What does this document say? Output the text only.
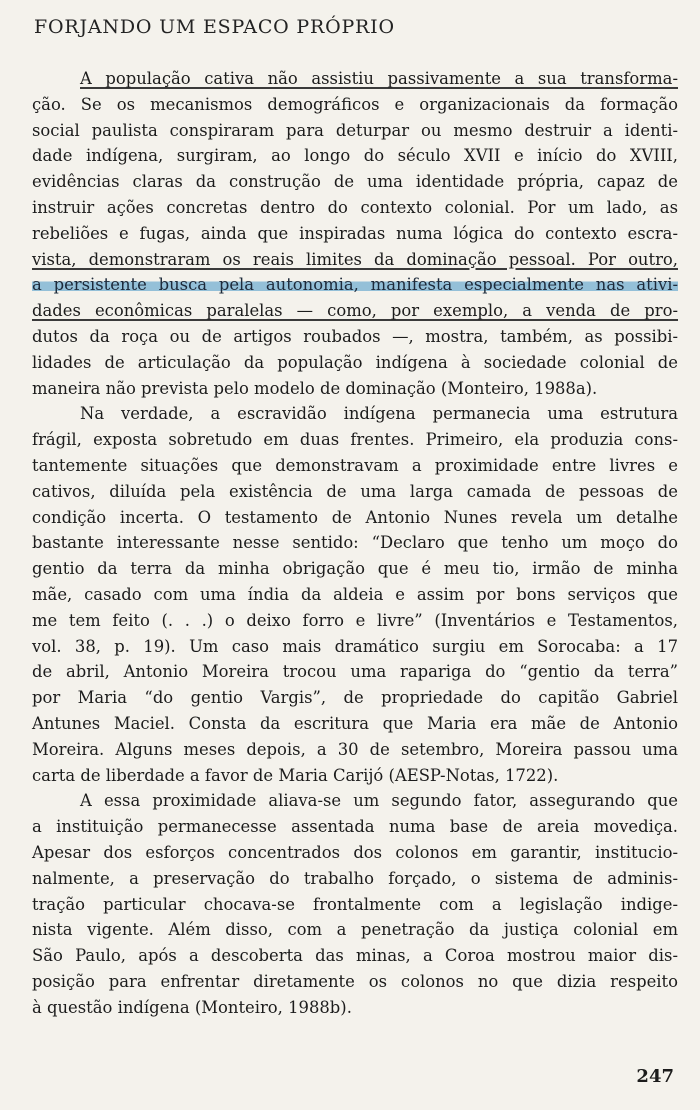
FORJANDO UM ESPACO PRÓPRIO
A população cativa não assistiu passivamente a sua transforma-
ção. Se os mecanismos demográficos e organizacionais da formação
social paulista conspiraram para deturpar ou mesmo destruir a identi-
dade indígena, surgiram, ao longo do século XVII e início do XVIII,
evidências claras da construção de uma identidade própria, capaz de
instruir ações concretas dentro do contexto colonial. Por um lado, as
rebeliões e fugas, ainda que inspiradas numa lógica do contexto escra-
vista, demonstraram os reais limites da dominação pessoal. Por outro,
a persistente busca pela autonomia, manifesta especialmente nas ativi-
dades econômicas paralelas — como, por exemplo, a venda de pro-
dutos da roça ou de artigos roubados —, mostra, também, as possibi-
lidades de articulação da população indígena à sociedade colonial de
maneira não prevista pelo modelo de dominação (Monteiro, 1988a).
Na verdade, a escravidão indígena permanecia uma estrutura
frágil, exposta sobretudo em duas frentes. Primeiro, ela produzia cons-
tantemente situações que demonstravam a proximidade entre livres e
cativos, diluída pela existência de uma larga camada de pessoas de
condição incerta. O testamento de Antonio Nunes revela um detalhe
bastante interessante nesse sentido: “Declaro que tenho um moço do
gentio da terra da minha obrigação que é meu tio, irmão de minha
mãe, casado com uma índia da aldeia e assim por bons serviços que
me tem feito (. . .) o deixo forro e livre” (Inventários e Testamentos,
vol. 38, p. 19). Um caso mais dramático surgiu em Sorocaba: a 17
de abril, Antonio Moreira trocou uma rapariga do “gentio da terra”
por Maria “do gentio Vargis”, de propriedade do capitão Gabriel
Antunes Maciel. Consta da escritura que Maria era mãe de Antonio
Moreira. Alguns meses depois, a 30 de setembro, Moreira passou uma
carta de liberdade a favor de Maria Carijó (AESP-Notas, 1722).
A essa proximidade aliava-se um segundo fator, assegurando que
a instituição permanecesse assentada numa base de areia movediça.
Apesar dos esforços concentrados dos colonos em garantir, institucio-
nalmente, a preservação do trabalho forçado, o sistema de adminis-
tração particular chocava-se frontalmente com a legislação indige-
nista vigente. Além disso, com a penetração da justiça colonial em
São Paulo, após a descoberta das minas, a Coroa mostrou maior dis-
posição para enfrentar diretamente os colonos no que dizia respeito
à questão indígena (Monteiro, 1988b).
247
